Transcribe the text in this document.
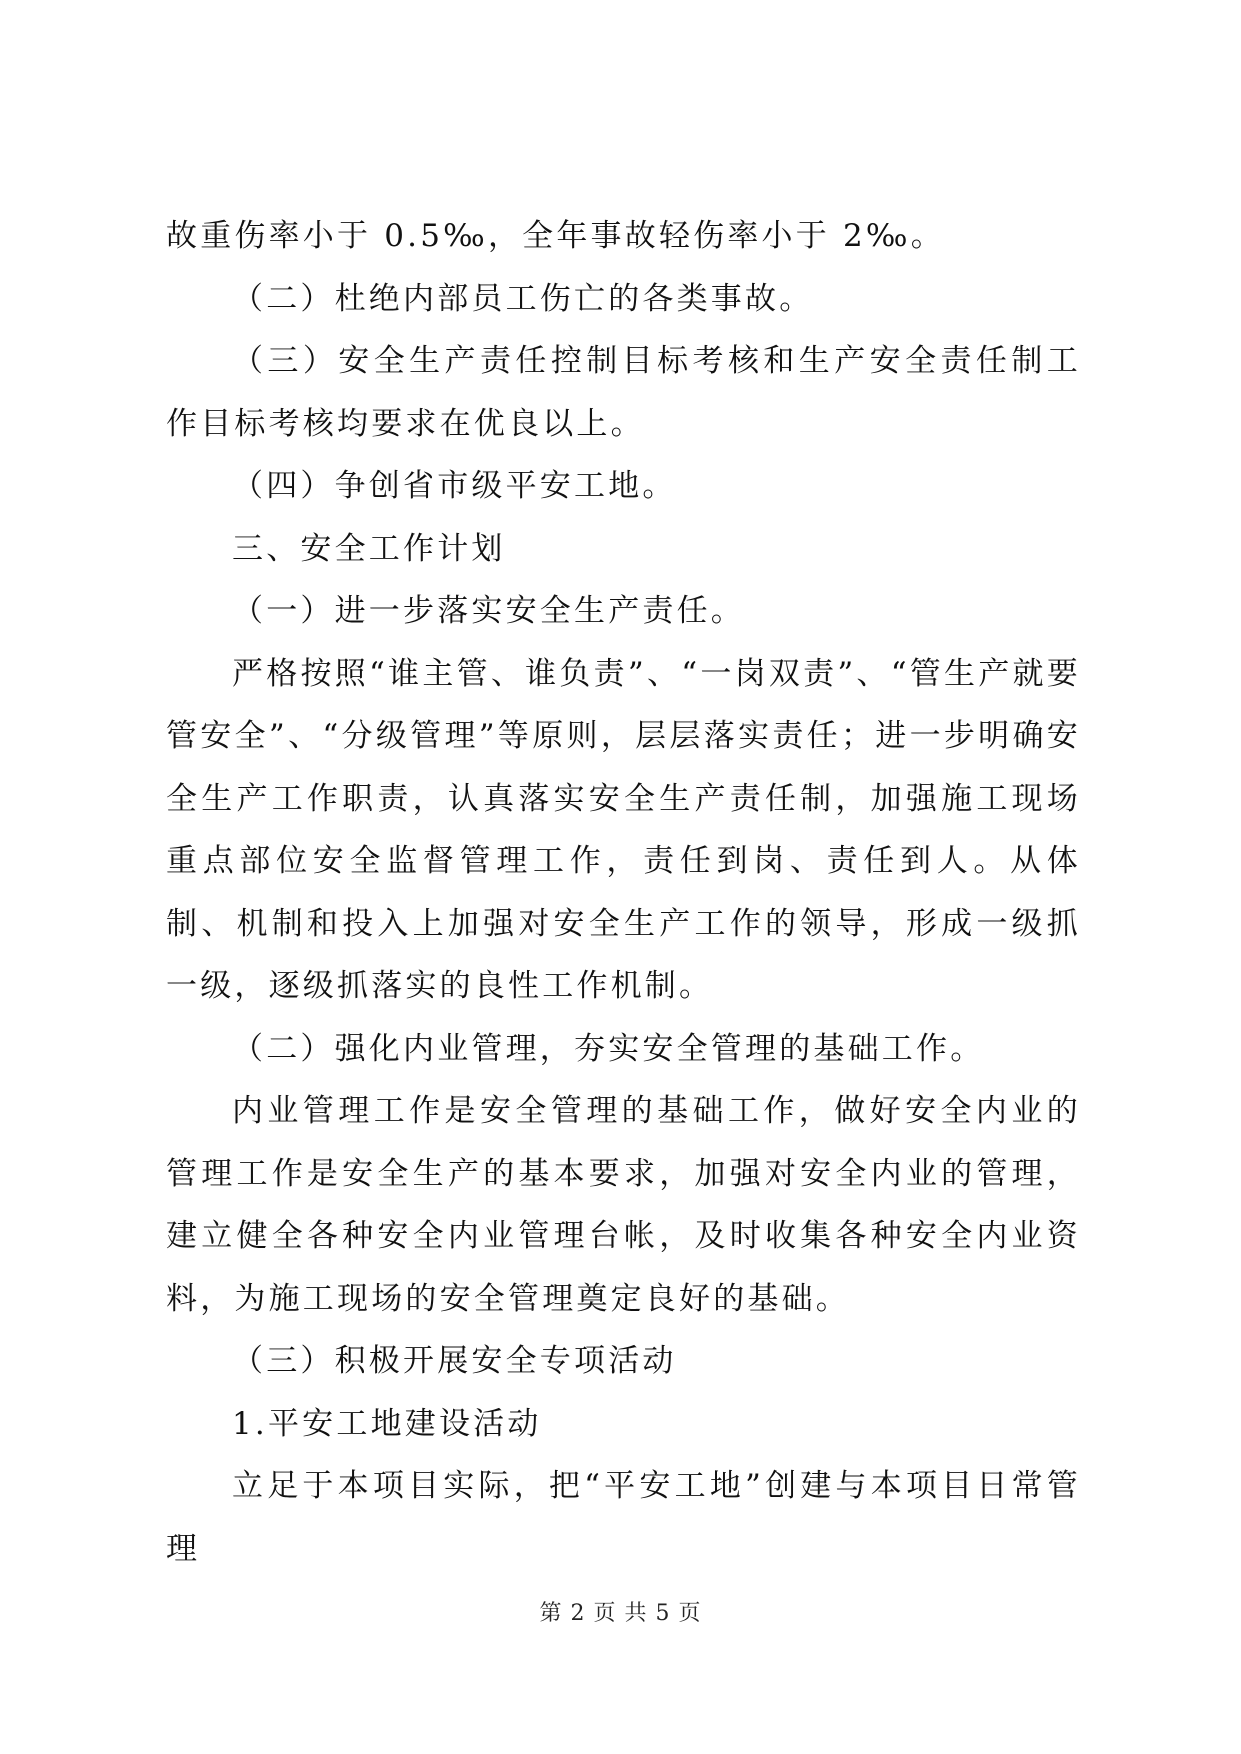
故重伤率小于 0.5‰，全年事故轻伤率小于 2‰。

（二）杜绝内部员工伤亡的各类事故。

（三）安全生产责任控制目标考核和生产安全责任制工作目标考核均要求在优良以上。

（四）争创省市级平安工地。

三、安全工作计划

（一）进一步落实安全生产责任。

严格按照“谁主管、谁负责”、“一岗双责”、“管生产就要管安全”、“分级管理”等原则，层层落实责任；进一步明确安全生产工作职责，认真落实安全生产责任制，加强施工现场重点部位安全监督管理工作，责任到岗、责任到人。从体制、机制和投入上加强对安全生产工作的领导，形成一级抓一级，逐级抓落实的良性工作机制。

（二）强化内业管理，夯实安全管理的基础工作。

内业管理工作是安全管理的基础工作，做好安全内业的管理工作是安全生产的基本要求，加强对安全内业的管理，建立健全各种安全内业管理台帐，及时收集各种安全内业资料，为施工现场的安全管理奠定良好的基础。

（三）积极开展安全专项活动

1.平安工地建设活动

立足于本项目实际，把“平安工地”创建与本项目日常管理

第 2 页 共 5 页
